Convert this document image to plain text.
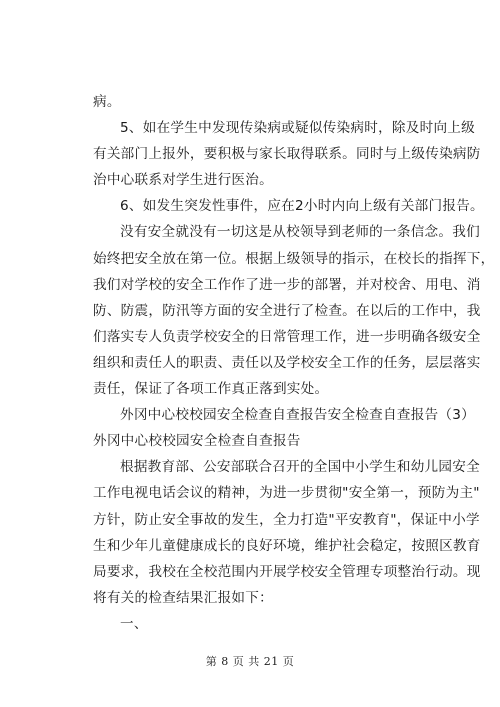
病。
5、如在学生中发现传染病或疑似传染病时，除及时向上级
有关部门上报外，要积极与家长取得联系。同时与上级传染病防
治中心联系对学生进行医治。
6、如发生突发性事件，应在2小时内向上级有关部门报告。
没有安全就没有一切这是从校领导到老师的一条信念。我们
始终把安全放在第一位。根据上级领导的指示，在校长的指挥下，
我们对学校的安全工作作了进一步的部署，并对校舍、用电、消
防、防震，防汛等方面的安全进行了检查。在以后的工作中，我
们落实专人负责学校安全的日常管理工作，进一步明确各级安全
组织和责任人的职责、责任以及学校安全工作的任务，层层落实
责任，保证了各项工作真正落到实处。
外冈中心校校园安全检查自查报告安全检查自查报告（3）
外冈中心校校园安全检查自查报告
根据教育部、公安部联合召开的全国中小学生和幼儿园安全
工作电视电话会议的精神，为进一步贯彻"安全第一，预防为主"
方针，防止安全事故的发生，全力打造"平安教育"，保证中小学
生和少年儿童健康成长的良好环境，维护社会稳定，按照区教育
局要求，我校在全校范围内开展学校安全管理专项整治行动。现
将有关的检查结果汇报如下：
一、
第 8 页 共 21 页
